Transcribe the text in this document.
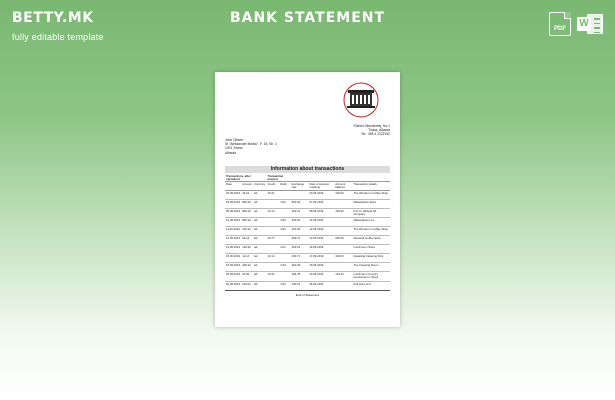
BETTY.MK
fully editable template
BANK STATEMENT
PDF	W
Sheshi Skenderbej, No.1
Tirana, Albania
Tel.: 355 4 2222152
John Citizen
St "Aleksander Moisiu", F. 15, Sh. 1
1001 Tirana
Albania
Information about transactions
Transactions, after operations			Transaction amount					
Date	Amount	Currency	Credit	Debit	Exchange rate	Date of account crediting	Account balance	Transaction details
03.06.2019	15.21	lek	15.21			03.06.2019	100.00	The Wonder in Coffee Shop
03.06.2019	800.20	lek		1.00	800.20	07.06.2019		Marketplace Store
05.06.2019	800.20	lek	10.14		400.21	08.06.2019	100.00	D.O.O. Albania Oil Company
10.06.2019	800.20	lek		4.90	400.20	12.06.2019		Marketplace LLC
11.06.2019	310.22	lek		4.90	400.20	12.06.2019		The Wonder in Coffee Shop
12.06.2019	32.14	lek	20.77		400.74	13.06.2019	200.00	Alexandr Coffee Store
13.06.2019	120.20	lek		4.21	400.15	14.06.2019		Lunchroom Store
15.06.2019	12.14	lek	10.14		400.71	17.06.2019	100.00	Capacital Cleaning Post
19.06.2019	300.22	lek		4.30	400.20	20.06.2019		The Cleaning Room
20.06.2019	20.20	lek	16.32		184.78	20.06.2019	122.22	Lunchroom Country Consumers in Store
26.06.2019	210.01	lek		4.00	100.12	26.06.2019		Pull store LLC
End of Statement
